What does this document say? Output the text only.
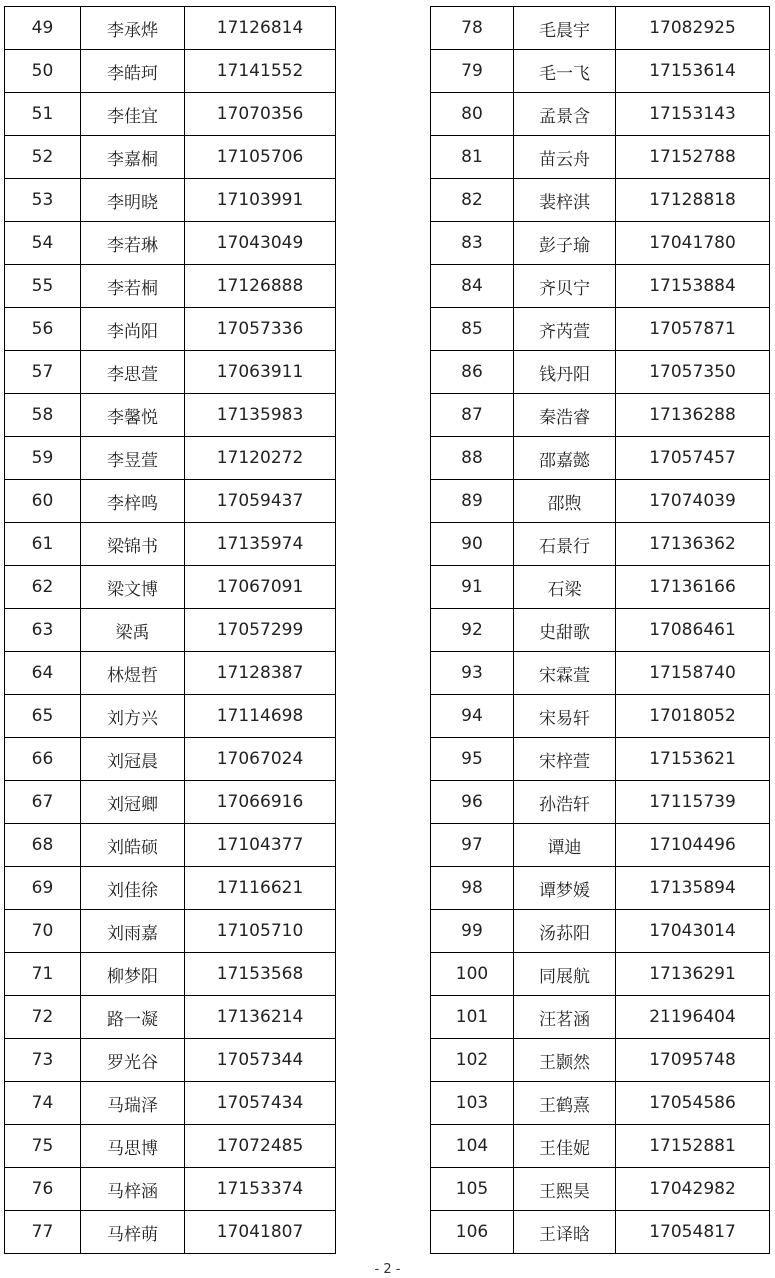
49	李承烨	17126814		78	毛晨宇	17082925
50	李皓珂	17141552		79	毛一飞	17153614
51	李佳宜	17070356		80	孟景含	17153143
52	李嘉桐	17105706		81	苗云舟	17152788
53	李明晓	17103991		82	裴梓淇	17128818
54	李若琳	17043049		83	彭子瑜	17041780
55	李若桐	17126888		84	齐贝宁	17153884
56	李尚阳	17057336		85	齐芮萱	17057871
57	李思萱	17063911		86	钱丹阳	17057350
58	李馨悦	17135983		87	秦浩睿	17136288
59	李昱萱	17120272		88	邵嘉懿	17057457
60	李梓鸣	17059437		89	邵煦	17074039
61	梁锦书	17135974		90	石景行	17136362
62	梁文博	17067091		91	石梁	17136166
63	梁禹	17057299		92	史甜歌	17086461
64	林煜哲	17128387		93	宋霖萱	17158740
65	刘方兴	17114698		94	宋易轩	17018052
66	刘冠晨	17067024		95	宋梓萱	17153621
67	刘冠卿	17066916		96	孙浩轩	17115739
68	刘皓硕	17104377		97	谭迪	17104496
69	刘佳徐	17116621		98	谭梦媛	17135894
70	刘雨嘉	17105710		99	汤荪阳	17043014
71	柳梦阳	17153568		100	同展航	17136291
72	路一凝	17136214		101	汪茗涵	21196404
73	罗光谷	17057344		102	王颢然	17095748
74	马瑞泽	17057434		103	王鹤熹	17054586
75	马思博	17072485		104	王佳妮	17152881
76	马梓涵	17153374		105	王熙昊	17042982
77	马梓萌	17041807		106	王译晗	17054817
- 2 -
